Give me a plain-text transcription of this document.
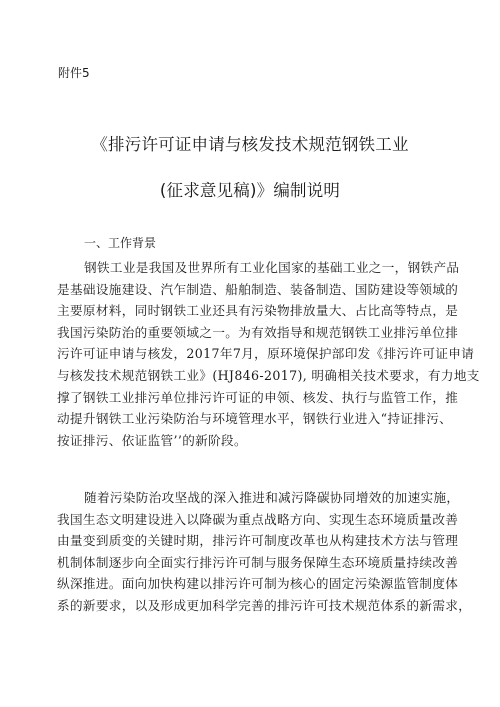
附件5
《排污许可证申请与核发技术规范钢铁工业
(征求意见稿)》编制说明
一、工作背景
钢铁工业是我国及世界所有工业化国家的基础工业之一，钢铁产品
是基础设施建设、汽乍制造、船舶制造、装备制造、国防建设等领域的
主要原材料，同时钢铁工业还具有污染物排放量大、占比高等特点，是
我国污染防治的重要领域之一。为有效指导和规范钢铁工业排污单位排
污许可证申请与核发，2017年7月，原环境保护部印发《排污许可证申请
与核发技术规范钢铁工业》(HJ846-2017), 明确相关技术要求，有力地支
撑了钢铁工业排污单位排污许可证的申领、核发、执行与监管工作，推
动提升钢铁工业污染防治与环境管理水平，钢铁行业进入“持证排污、
按证排污、依证监管’’的新阶段。
随着污染防治攻坚战的深入推进和减污降碳协同增效的加速实施，
我国生态文明建设进入以降碳为重点战略方向、实现生态环境质量改善
由量变到质变的关键时期，排污许可制度改革也从构建技术方法与管理
机制体制逐步向全面实行排污许可制与服务保障生态环境质量持续改善
纵深推进。面向加快构建以排污许可制为核心的固定污染源监管制度体
系的新要求，以及形成更加科学完善的排污许可技术规范体系的新需求，
